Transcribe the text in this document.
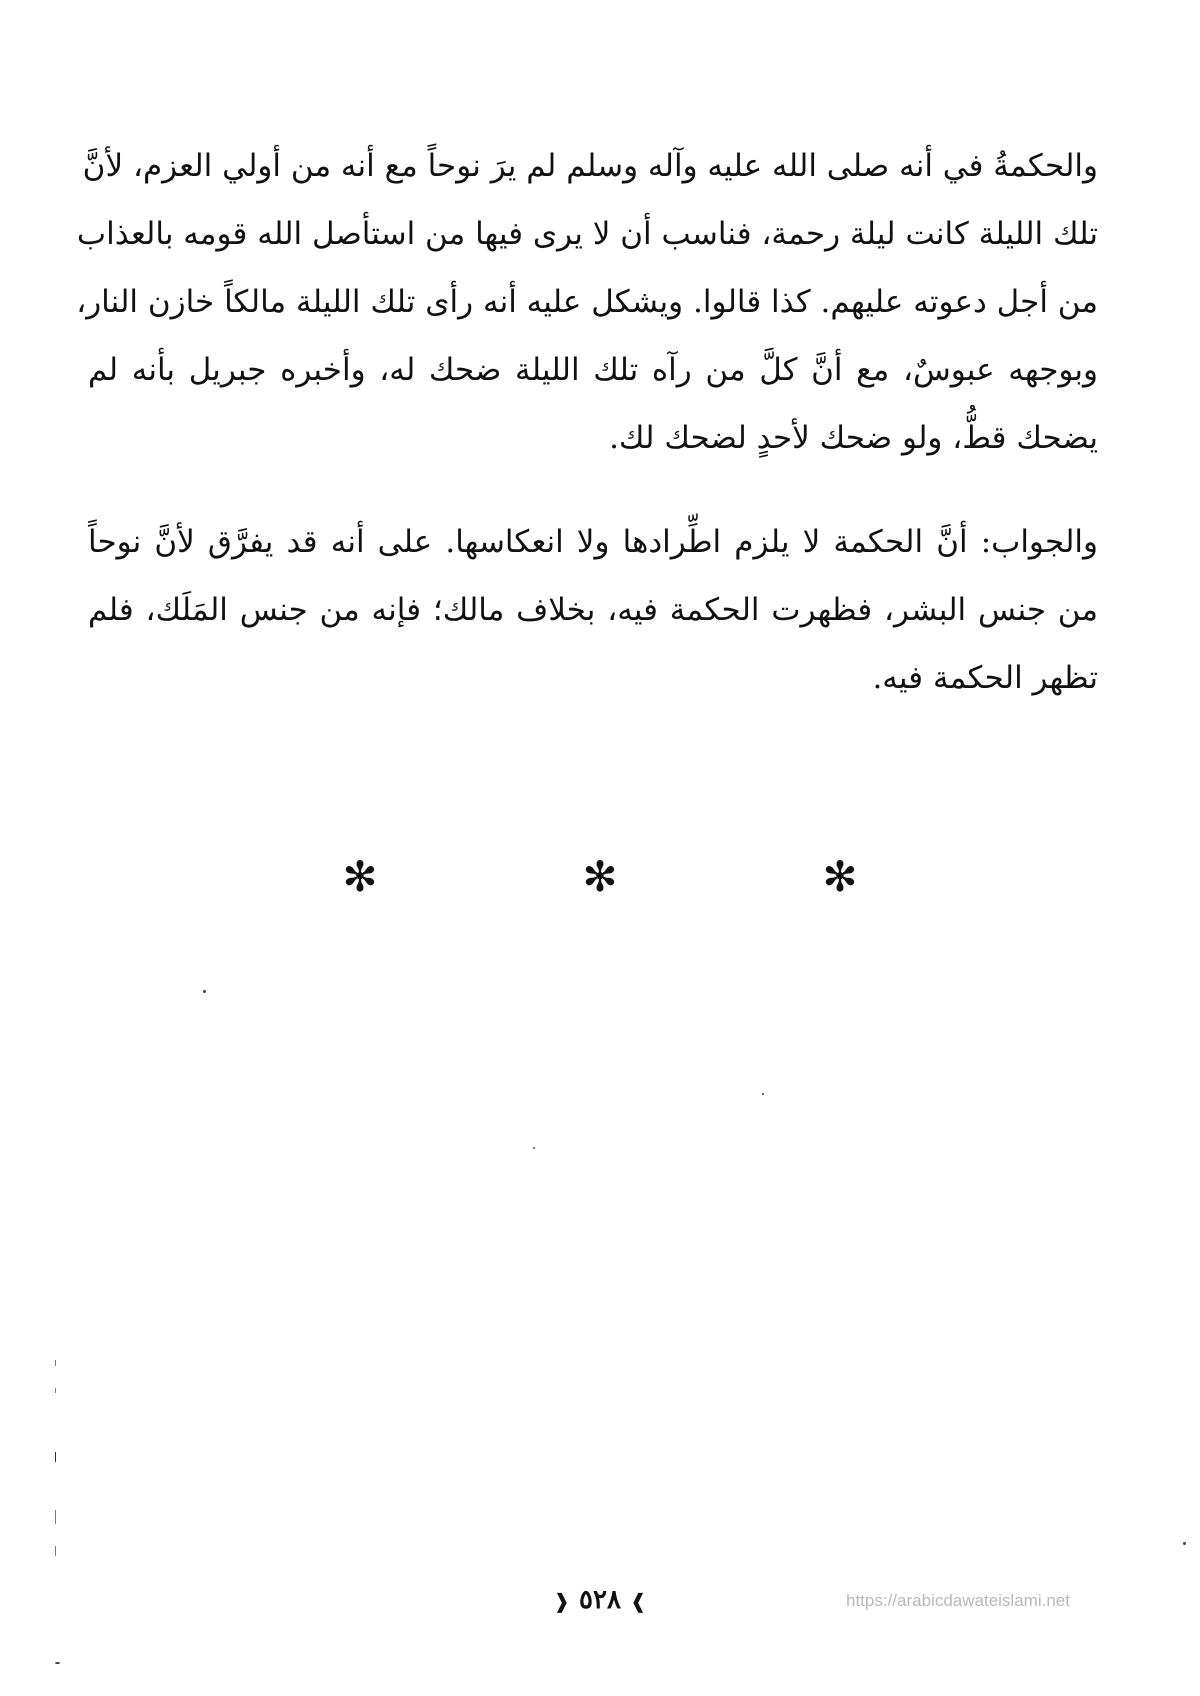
والحكمةُ في أنه صلى الله عليه وآله وسلم لم يرَ نوحاً مع أنه من أولي العزم، لأنَّ
تلك الليلة كانت ليلة رحمة، فناسب أن لا يرى فيها من استأصل الله قومه بالعذاب
من أجل دعوته عليهم. كذا قالوا. ويشكل عليه أنه رأى تلك الليلة مالكاً خازن النار،
وبوجهه عبوسٌ، مع أنَّ كلَّ من رآه تلك الليلة ضحك له، وأخبره جبريل بأنه لم
يضحك قطُّ، ولو ضحك لأحدٍ لضحك لك.
والجواب: أنَّ الحكمة لا يلزم اطِّرادها ولا انعكاسها. على أنه قد يفرَّق لأنَّ نوحاً
من جنس البشر، فظهرت الحكمة فيه، بخلاف مالك؛ فإنه من جنس المَلَك، فلم
تظهر الحكمة فيه.
✻	✻	✻
❱ ٥٢٨ ❰	https://arabicdawateislami.net
